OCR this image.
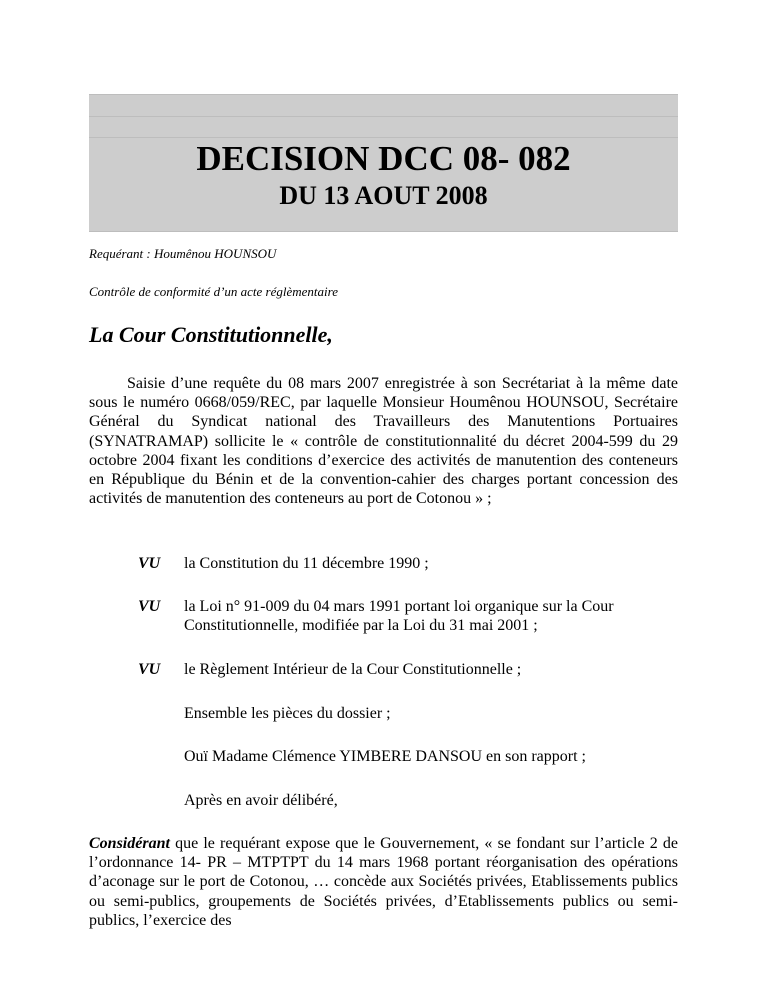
DECISION DCC 08- 082
DU 13 AOUT 2008
Requérant : Houmênou HOUNSOU
Contrôle de conformité d’un acte réglèmentaire
La Cour Constitutionnelle,
Saisie d’une requête du 08 mars 2007 enregistrée à son Secrétariat à la même date sous le numéro 0668/059/REC, par laquelle Monsieur Houmênou HOUNSOU, Secrétaire Général du Syndicat national des Travailleurs des Manutentions Portuaires (SYNATRAMAP) sollicite le « contrôle de constitutionnalité du décret 2004-599 du 29 octobre 2004 fixant les conditions d’exercice des activités de manutention des conteneurs en République du Bénin et de la convention-cahier des charges portant concession des activités de manutention des conteneurs au port de Cotonou » ;
VU la Constitution du 11 décembre 1990 ;
VU la Loi n° 91-009 du 04 mars 1991 portant loi organique sur la Cour Constitutionnelle, modifiée par la Loi du 31 mai 2001 ;
VU le Règlement Intérieur de la Cour Constitutionnelle ;
Ensemble les pièces du dossier ;
Ouï Madame Clémence YIMBERE DANSOU en son rapport ;
Après en avoir délibéré,
Considérant que le requérant expose que le Gouvernement, « se fondant sur l’article 2 de l’ordonnance 14- PR – MTPTPT du 14 mars 1968 portant réorganisation des opérations d’aconage sur le port de Cotonou, … concède aux Sociétés privées, Etablissements publics ou semi-publics, groupements de Sociétés privées, d’Etablissements publics ou semi-publics, l’exercice des
